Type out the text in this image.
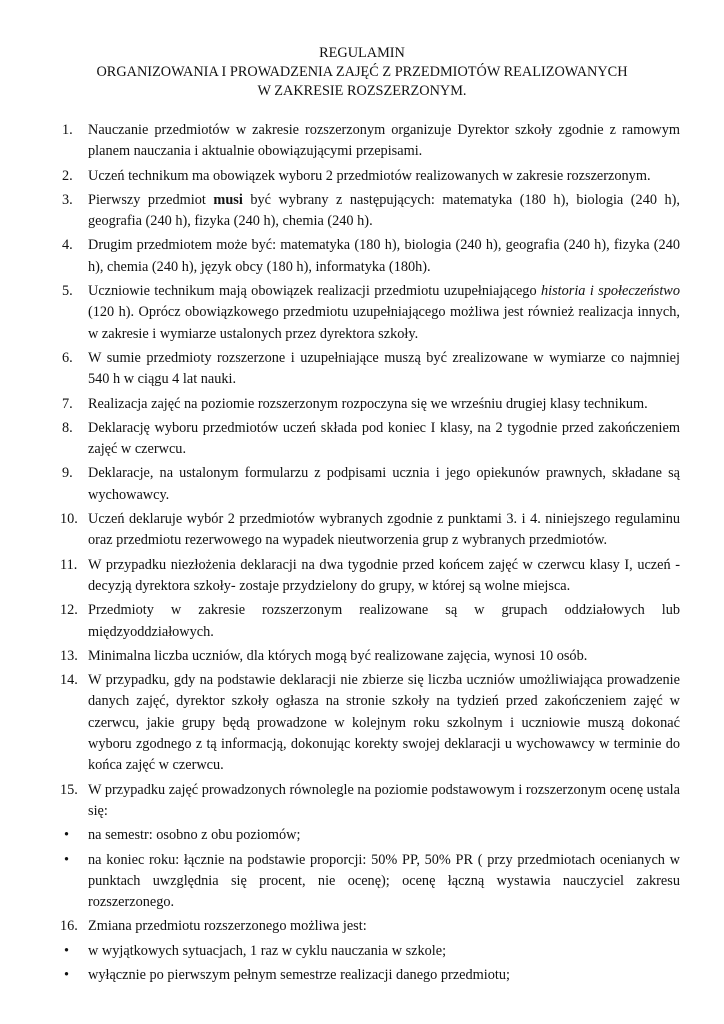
REGULAMIN
ORGANIZOWANIA I PROWADZENIA ZAJĘĆ Z PRZEDMIOTÓW REALIZOWANYCH
W ZAKRESIE ROZSZERZONYM.
1.	Nauczanie przedmiotów w zakresie rozszerzonym organizuje Dyrektor szkoły zgodnie z ramowym planem nauczania i aktualnie obowiązującymi przepisami.
2.	Uczeń technikum ma obowiązek wyboru 2 przedmiotów realizowanych w zakresie rozszerzonym.
3.	Pierwszy przedmiot musi być wybrany z następujących: matematyka (180 h), biologia (240 h), geografia (240 h), fizyka (240 h), chemia (240 h).
4.	Drugim przedmiotem może być: matematyka (180 h), biologia (240 h), geografia (240 h), fizyka (240 h), chemia (240 h), język obcy (180 h), informatyka (180h).
5.	Uczniowie technikum mają obowiązek realizacji przedmiotu uzupełniającego historia i społeczeństwo (120 h). Oprócz obowiązkowego przedmiotu uzupełniającego możliwa jest również realizacja innych, w zakresie i wymiarze ustalonych przez dyrektora szkoły.
6.	W sumie przedmioty rozszerzone i uzupełniające muszą być zrealizowane w wymiarze co najmniej 540 h w ciągu 4 lat nauki.
7.	Realizacja zajęć na poziomie rozszerzonym rozpoczyna się we wrześniu drugiej klasy technikum.
8.	Deklarację wyboru przedmiotów uczeń składa pod koniec I klasy, na 2 tygodnie przed zakończeniem zajęć w czerwcu.
9.	Deklaracje, na ustalonym formularzu z podpisami ucznia i jego opiekunów prawnych, składane są wychowawcy.
10. Uczeń deklaruje wybór 2 przedmiotów wybranych zgodnie z punktami 3. i 4. niniejszego regulaminu oraz przedmiotu rezerwowego na wypadek nieutworzenia grup z wybranych przedmiotów.
11. W przypadku niezłożenia deklaracji na dwa tygodnie przed końcem zajęć w czerwcu klasy I, uczeń - decyzją dyrektora szkoły- zostaje przydzielony do grupy, w której są wolne miejsca.
12. Przedmioty w zakresie rozszerzonym realizowane są w grupach oddziałowych lub międzyoddziałowych.
13. Minimalna liczba uczniów, dla których mogą być realizowane zajęcia, wynosi 10 osób.
14. W przypadku, gdy na podstawie deklaracji nie zbierze się liczba uczniów umożliwiająca prowadzenie danych zajęć, dyrektor szkoły ogłasza na stronie szkoły na tydzień przed zakończeniem zajęć w czerwcu, jakie grupy będą prowadzone w kolejnym roku szkolnym i uczniowie muszą dokonać wyboru zgodnego z tą informacją, dokonując korekty swojej deklaracji u wychowawcy w terminie do końca zajęć w czerwcu.
15. W przypadku zajęć prowadzonych równolegle na poziomie podstawowym i rozszerzonym ocenę ustala się:
•	na semestr: osobno z obu poziomów;
•	na koniec roku: łącznie na podstawie proporcji: 50% PP, 50% PR ( przy przedmiotach ocenianych w punktach uwzględnia się procent, nie ocenę); ocenę łączną wystawia nauczyciel zakresu rozszerzonego.
16. Zmiana przedmiotu rozszerzonego możliwa jest:
•	w wyjątkowych sytuacjach, 1 raz w cyklu nauczania w szkole;
•	wyłącznie po pierwszym pełnym semestrze realizacji danego przedmiotu;
